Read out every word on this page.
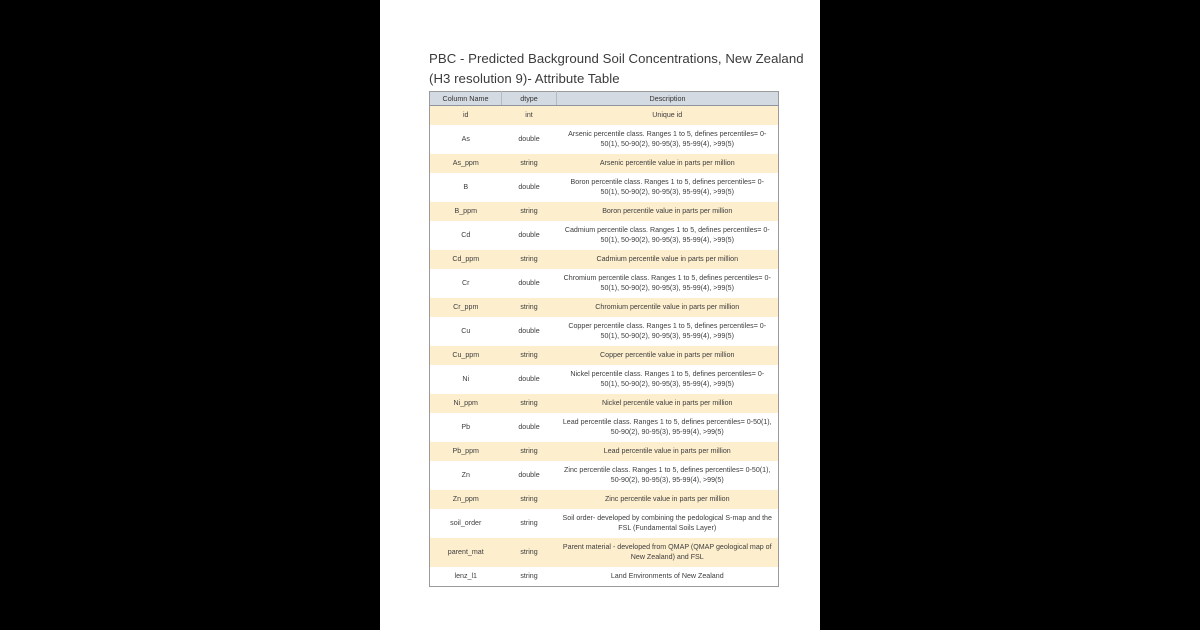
PBC - Predicted Background Soil Concentrations, New Zealand
(H3 resolution 9)- Attribute Table
Column Name	dtype	Description
id	int	Unique id
As	double	Arsenic percentile class. Ranges 1 to 5, defines percentiles= 0-50(1), 50-90(2), 90-95(3), 95-99(4), >99(5)
As_ppm	string	Arsenic percentile value in parts per million
B	double	Boron percentile class. Ranges 1 to 5, defines percentiles= 0-50(1), 50-90(2), 90-95(3), 95-99(4), >99(5)
B_ppm	string	Boron percentile value in parts per million
Cd	double	Cadmium percentile class. Ranges 1 to 5, defines percentiles= 0-50(1), 50-90(2), 90-95(3), 95-99(4), >99(5)
Cd_ppm	string	Cadmium percentile value in parts per million
Cr	double	Chromium percentile class. Ranges 1 to 5, defines percentiles= 0-50(1), 50-90(2), 90-95(3), 95-99(4), >99(5)
Cr_ppm	string	Chromium percentile value in parts per million
Cu	double	Copper percentile class. Ranges 1 to 5, defines percentiles= 0-50(1), 50-90(2), 90-95(3), 95-99(4), >99(5)
Cu_ppm	string	Copper percentile value in parts per million
Ni	double	Nickel percentile class. Ranges 1 to 5, defines percentiles= 0-50(1), 50-90(2), 90-95(3), 95-99(4), >99(5)
Ni_ppm	string	Nickel percentile value in parts per million
Pb	double	Lead percentile class. Ranges 1 to 5, defines percentiles= 0-50(1), 50-90(2), 90-95(3), 95-99(4), >99(5)
Pb_ppm	string	Lead percentile value in parts per million
Zn	double	Zinc percentile class. Ranges 1 to 5, defines percentiles= 0-50(1), 50-90(2), 90-95(3), 95-99(4), >99(5)
Zn_ppm	string	Zinc percentile value in parts per million
soil_order	string	Soil order- developed by combining the pedological S-map and the FSL (Fundamental Soils Layer)
parent_mat	string	Parent material - developed from QMAP (QMAP geological map of New Zealand) and FSL
lenz_l1	string	Land Environments of New Zealand
